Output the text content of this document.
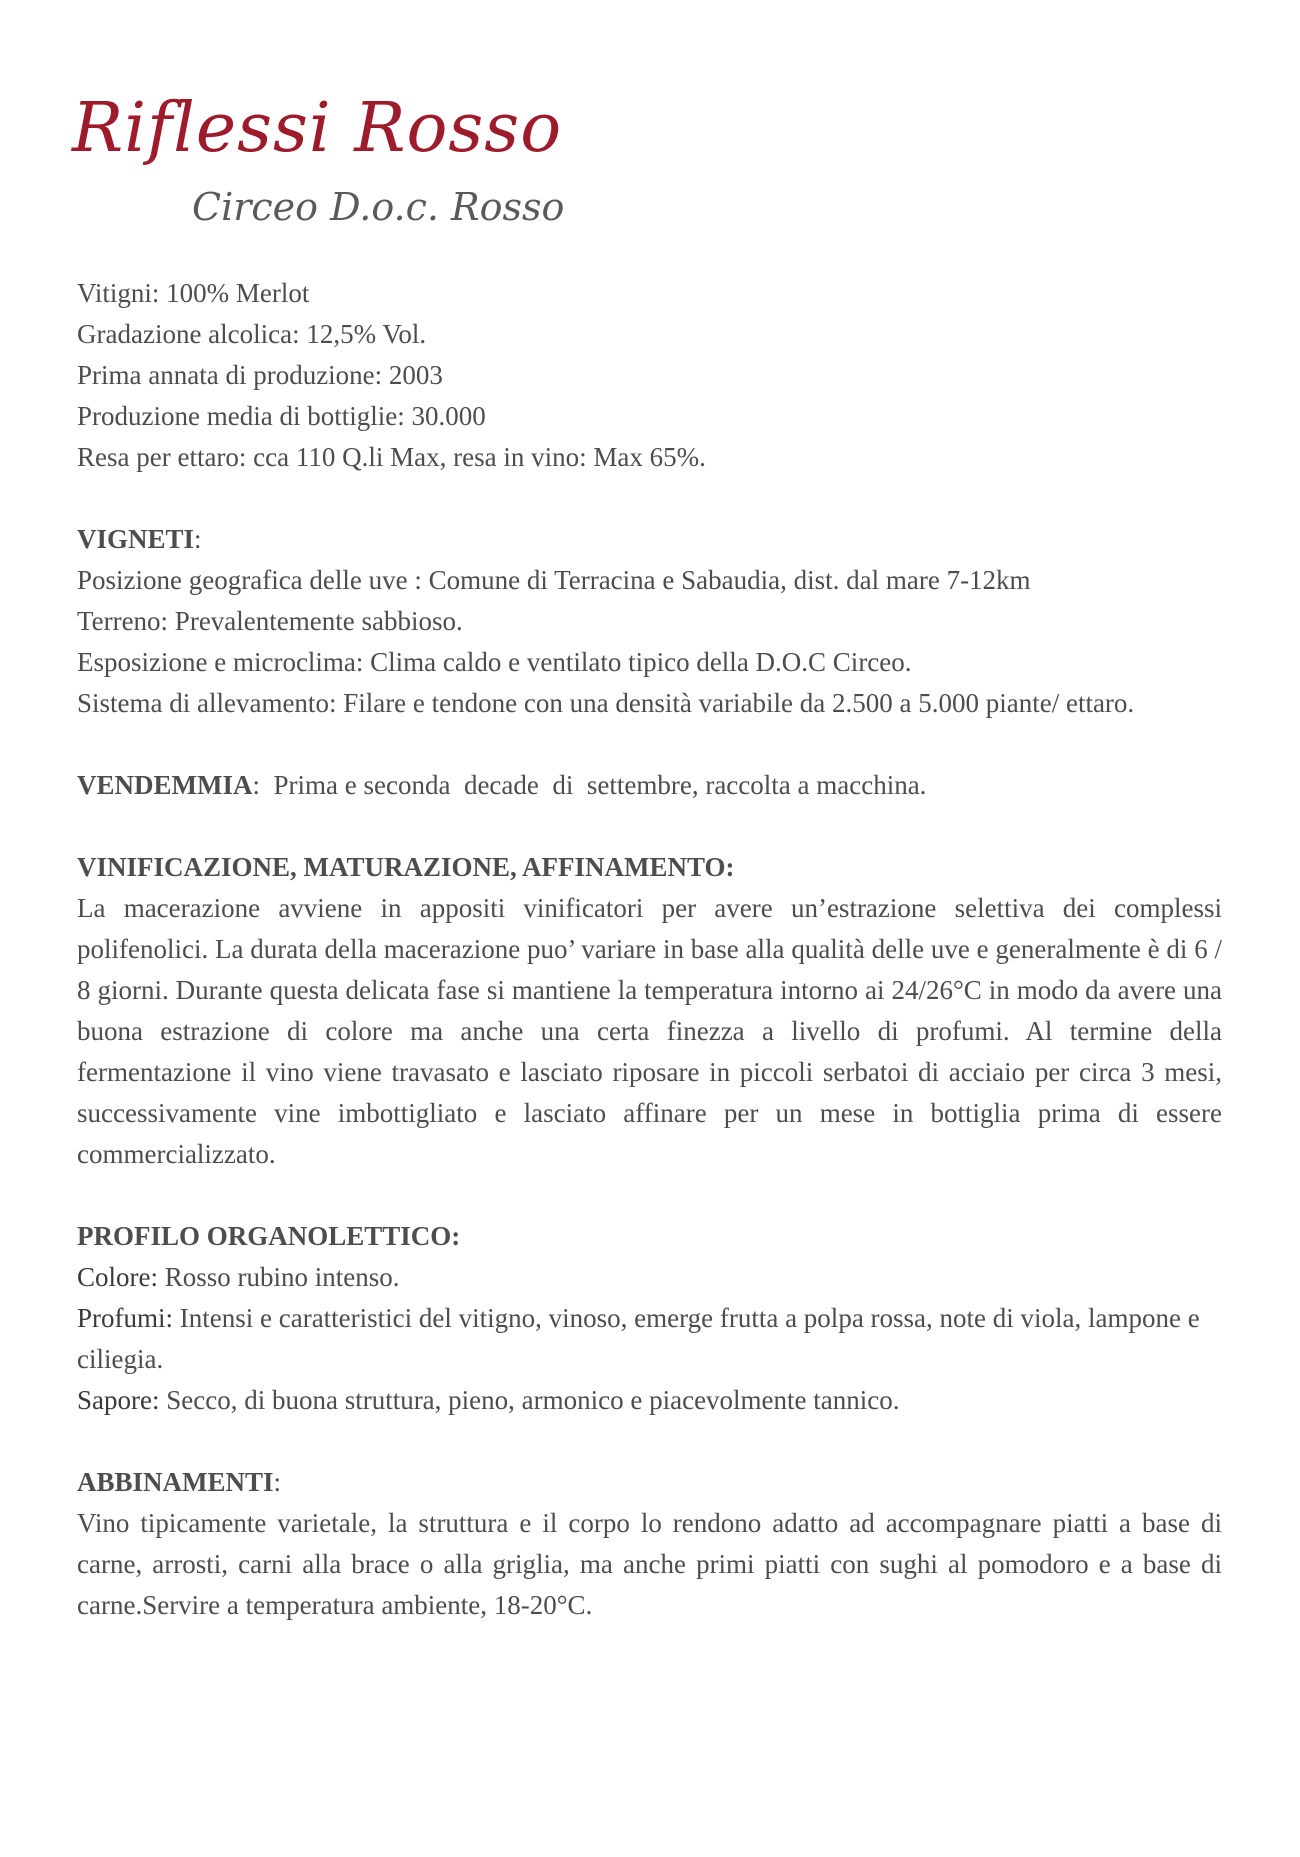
Riflessi Rosso
Circeo D.o.c. Rosso

Vitigni: 100% Merlot

Gradazione alcolica: 12,5% Vol.

Prima annata di produzione: 2003

Produzione media di bottiglie: 30.000

Resa per ettaro: cca 110 Q.li Max, resa in vino: Max 65%.

VIGNETI:

Posizione geografica delle uve : Comune di Terracina e Sabaudia, dist. dal mare 7-12km

Terreno: Prevalentemente sabbioso.

Esposizione e microclima: Clima caldo e ventilato tipico della D.O.C Circeo.

Sistema di allevamento: Filare e tendone con una densità variabile da 2.500 a 5.000 piante/ ettaro.

VENDEMMIA:  Prima e seconda  decade  di  settembre, raccolta a macchina.

VINIFICAZIONE, MATURAZIONE, AFFINAMENTO:

La macerazione avviene in appositi vinificatori per avere un’estrazione selettiva dei complessi polifenolici. La durata della macerazione puo’ variare in base alla qualità delle uve e generalmente è di 6 / 8 giorni. Durante questa delicata fase si mantiene la temperatura intorno ai 24/26°C in modo da avere una buona estrazione di colore ma anche una certa finezza a livello di profumi. Al termine della fermentazione il vino viene travasato e lasciato riposare in piccoli serbatoi di acciaio per circa 3 mesi, successivamente vine imbottigliato e lasciato affinare per un mese in bottiglia prima di essere commercializzato.

PROFILO ORGANOLETTICO:

Colore: Rosso rubino intenso.

Profumi: Intensi e caratteristici del vitigno, vinoso, emerge frutta a polpa rossa, note di viola, lampone e ciliegia.

Sapore: Secco, di buona struttura, pieno, armonico e piacevolmente tannico.

ABBINAMENTI:

Vino tipicamente varietale, la struttura e il corpo lo rendono adatto ad accompagnare piatti a base di carne, arrosti, carni alla brace o alla griglia, ma anche primi piatti con sughi al pomodoro e a base di carne.Servire a temperatura ambiente, 18-20°C.
